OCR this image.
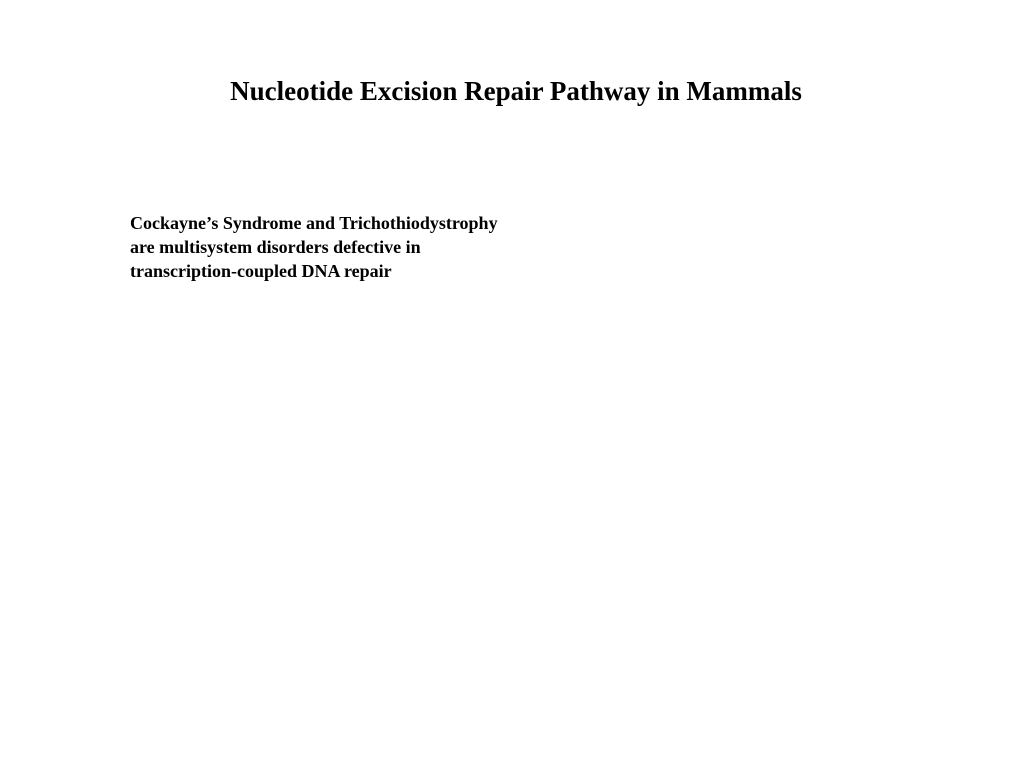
Nucleotide Excision Repair Pathway in Mammals

Cockayne’s Syndrome and Trichothiodystrophy
are multisystem disorders defective in
transcription-coupled DNA repair
